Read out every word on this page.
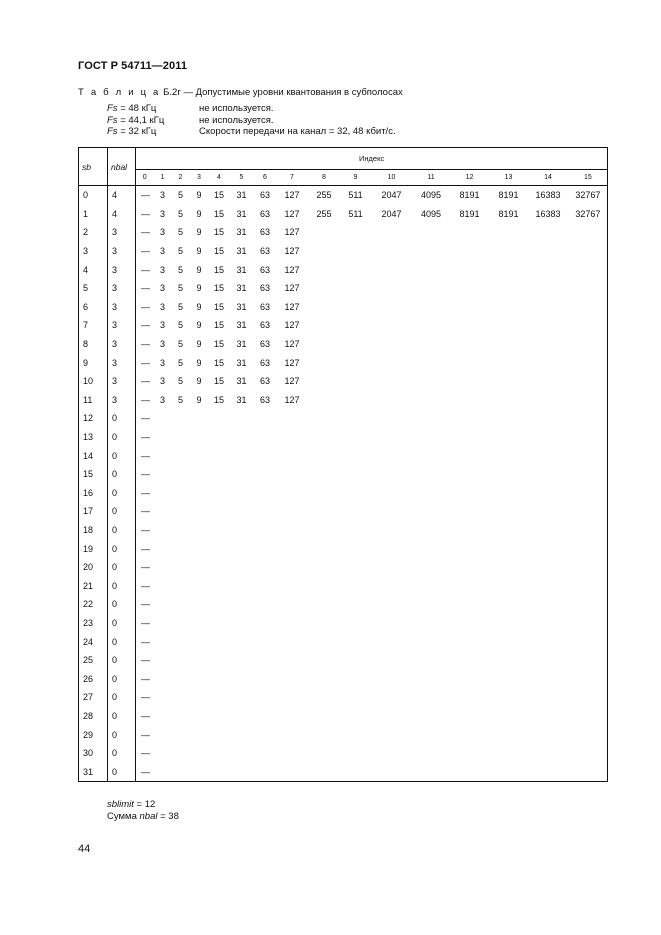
ГОСТ Р 54711—2011
Т а б л и ц а Б.2г — Допустимые уровни квантования в субполосах
Fs = 48 кГц	не используется.
Fs = 44,1 кГц	не используется.
Fs = 32 кГц	Скорости передачи на канал = 32, 48 кбит/с.
sb	nbal	Индекс															
		0	1	2	3	4	5	6	7	8	9	10	11	12	13	14	15
0	4	—	3	5	9	15	31	63	127	255	511	2047	4095	8191	8191	16383	32767
1	4	—	3	5	9	15	31	63	127	255	511	2047	4095	8191	8191	16383	32767
2	3	—	3	5	9	15	31	63	127								
3	3	—	3	5	9	15	31	63	127								
4	3	—	3	5	9	15	31	63	127								
5	3	—	3	5	9	15	31	63	127								
6	3	—	3	5	9	15	31	63	127								
7	3	—	3	5	9	15	31	63	127								
8	3	—	3	5	9	15	31	63	127								
9	3	—	3	5	9	15	31	63	127								
10	3	—	3	5	9	15	31	63	127								
11	3	—	3	5	9	15	31	63	127								
12	0	—															
13	0	—															
14	0	—															
15	0	—															
16	0	—															
17	0	—															
18	0	—															
19	0	—															
20	0	—															
21	0	—															
22	0	—															
23	0	—															
24	0	—															
25	0	—															
26	0	—															
27	0	—															
28	0	—															
29	0	—															
30	0	—															
31	0	—															
sblimit = 12
Сумма nbal = 38
44
